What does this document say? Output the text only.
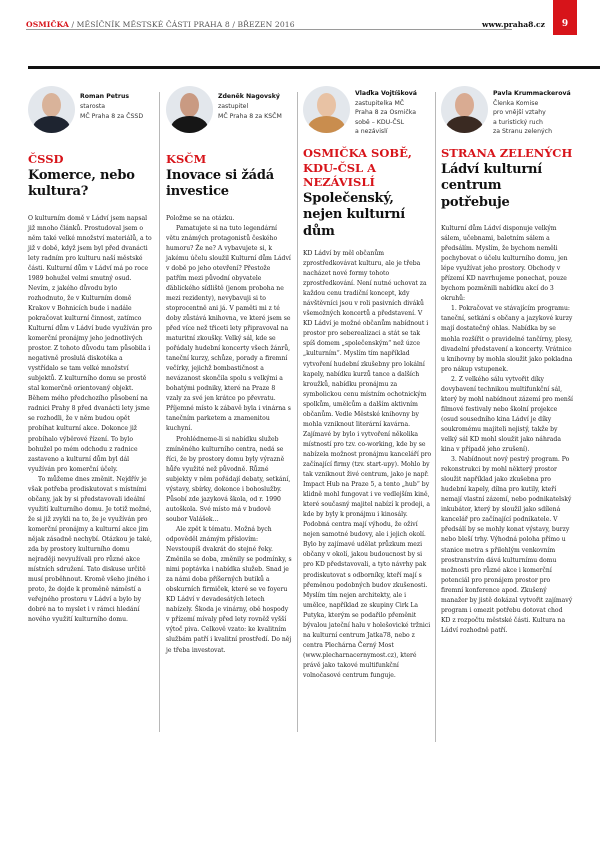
OSMIČKA / MĚSÍČNÍK MĚSTSKÉ ČÁSTI PRAHA 8 / BŘEZEN 2016	www.praha8.cz	9
Roman Petrus
starosta
MČ Praha 8 za ČSSD
ČSSD
Komerce, nebo kultura?

O kulturním domě v Ládví jsem napsal již mnoho článků. Prostudoval jsem o něm také velké množství materiálů, a to již v době, když jsem byl před dvanácti lety radním pro kulturu naší městské části. Kulturní dům v Ládví má po roce 1989 bohužel velmi smutný osud. Nevím, z jakého důvodu bylo rozhodnuto, že v Kulturním domě Krakov v Bohnicích bude i nadále pokračovat kulturní činnost, zatímco Kulturní dům v Ládví bude využíván pro komerční pronájmy jeho jednotlivých prostor. Z tohoto důvodu tam působila i negativně proslulá diskotéka a vystřídalo se tam velké množství subjektů. Z kulturního domu se prostě stal komerčně orientovaný objekt. Během mého předchozího působení na radnici Prahy 8 před dvanácti lety jsme se rozhodli, že v něm budou opět probíhat kulturní akce. Dokonce již probíhalo výběrové řízení. To bylo bohužel po mém odchodu z radnice zastaveno a kulturní dům byl dál využíván pro komerční účely.

To můžeme dnes změnit. Nejdřív je však potřeba prodiskutovat s místními občany, jak by si představovali ideální využití kulturního domu. Je totiž možné, že si již zvykli na to, že je využíván pro komerční pronájmy a kulturní akce jim nějak zásadně nechybí. Otázkou je také, zda by prostory kulturního domu nejraději nevyužívali pro různé akce místních sdružení. Tato diskuse určitě musí proběhnout. Kromě všeho jiného i proto, že dojde k proměně náměstí a veřejného prostoru v Ládví a bylo by dobré na to myslet i v rámci hledání nového využití kulturního domu.

Zdeněk Nagovský
zastupitel
MČ Praha 8 za KSČM
KSČM
Inovace si žádá investice

Položme se na otázku.

Pamatujete si na tuto legendární větu známých protagonistů českého humoru? Že ne? A vybavujete si, k jakému účelu sloužil Kulturní dům Ládví v době po jeho otevření? Přestože patřím mezi původní obyvatele ďáblického sídliště (jenom proboha ne mezi rezidenty), nevybavuji si to stoprocentně ani já. V paměti mi z té doby zůstává knihovna, ve které jsem se před více než třiceti lety připravoval na maturitní zkoušky. Velký sál, kde se pořádaly hudební koncerty všech žánrů, taneční kurzy, schůze, porady a firemní večírky, jejichž bombastičnost a nevázanost skončila spolu s velkými a bohatými podniky, které na Praze 8 vzaly za své jen krátce po převratu. Příjemné místo k zábavě byla i vinárna s tanečním parketem a znamenitou kuchyní.

Prohlédneme-li si nabídku služeb zmíněného kulturního centra, nedá se říci, že by prostory domu byly výrazně hůře využité než původně. Různé subjekty v něm pořádají debaty, setkání, výstavy, sbírky, dokonce i bohoslužby. Působí zde jazyková škola, od r. 1990 autoškola. Své místo má v budově soubor Valášek…

Ale zpět k tématu. Možná bych odpověděl známým příslovím: Nevstoupíš dvakrát do stejné řeky. Změnila se doba, změnily se podmínky, s nimi poptávka i nabídka služeb. Snad je za námi doba příšerných butiků a obskurních firmiček, které se ve foyeru KD Ládví v devadesátých letech nabízely. Škoda je vinárny, obě hospody v přízemí mívaly před lety rovněž vyšší výtoč piva. Celkově vzato: ke kvalitním službám patří i kvalitní prostředí. Do něj je třeba investovat.

Vlaďka Vojtíšková
zastupitelka MČ
Praha 8 za Osmička
sobě – KDU-ČSL
a nezávislí
OSMIČKA SOBĚ, KDU-ČSL A NEZÁVISLÍ
Společenský, nejen kulturní dům

KD Ládví by měl občanům zprostředkovávat kulturu, ale je třeba nacházet nové formy tohoto zprostředkování. Není nutné uchovat za každou cenu tradiční koncept, kdy návštěvníci jsou v roli pasivních diváků všemožných koncertů a představení. V KD Ládví je možné občanům nabídnout i prostor pro seberealizaci a stát se tak spíš domem „společenským“ než úzce „kulturním“. Myslím tím například vytvoření hudební zkušebny pro lokální kapely, nabídku kurzů tance a dalších kroužků, nabídku pronájmu za symbolickou cenu místním ochotnickým spolkům, umělcům a dalším aktivním občanům. Vedle Městské knihovny by mohla vzniknout literární kavárna. Zajímavé by bylo i vytvoření několika místností pro tzv. co-working, kde by se nabízela možnost pronájmu kanceláří pro začínající firmy (tzv. start-upy). Mohlo by tak vzniknout živé centrum, jako je např. Impact Hub na Praze 5, a tento „hub“ by klidně mohl fungovat i ve vedlejším kině, které současný majitel nabízí k prodeji, a kde by byly k pronájmu i kinosály. Podobná centra mají výhodu, že oživí nejen samotné budovy, ale i jejich okolí. Bylo by zajímavé udělat průzkum mezi občany v okolí, jakou budoucnost by si pro KD představovali, a tyto návrhy pak prodiskutovat s odborníky, kteří mají s přeměnou podobných budov zkušenosti. Myslím tím nejen architekty, ale i umělce, například ze skupiny Cirk La Putyka, kterým se podařilo přeměnit bývalou jateční halu v holešovické tržnici na kulturní centrum Jatka78, nebo z centra Plechárna Černý Most (www.plecharnacernymost.cz), které právě jako takové multifunkční volnočasové centrum funguje.

Pavla Krummackerová
Členka Komise
pro vnější vztahy
a turistický ruch
za Stranu zelených
STRANA ZELENÝCH
Ládví kulturní centrum potřebuje

Kulturní dům Ládví disponuje velkým sálem, učebnami, baletním sálem a předsálím. Myslím, že bychom neměli pochybovat o účelu kulturního domu, jen lépe využívat jeho prostory. Obchody v přízemí KD navrhujeme ponechat, pouze bychom pozměnili nabídku akcí do 3 okruhů:

1. Pokračovat ve stávajícím programu: taneční, setkání s občany a jazykové kurzy mají dostatečný ohlas. Nabídka by se mohla rozšířit o pravidelné tančírny, plesy, divadelní představení a koncerty. Vrátnice u knihovny by mohla sloužit jako pokladna pro nákup vstupenek.

2. Z velkého sálu vytvořit díky dovybavení technikou multifunkční sál, který by mohl nabídnout zázemí pro menší filmové festivaly nebo školní projekce (osud sousedního kina Ládví je díky soukromému majiteli nejistý, takže by velký sál KD mohl sloužit jako náhrada kina v případě jeho zrušení).

3. Nabídnout nový pestrý program. Po rekonstrukci by mohl některý prostor sloužit například jako zkušebna pro hudební kapely, dílna pro kutily, kteří nemají vlastní zázemí, nebo podnikatelský inkubátor, který by sloužil jako sdílená kancelář pro začínající podnikatele. V předsálí by se mohly konat výstavy, burzy nebo bleší trhy. Výhodná poloha přímo u stanice metra s přilehlým venkovním prostranstvím dává kulturnímu domu možnosti pro různé akce i komerční potenciál pro pronájem prostor pro firemní konference apod. Zkušený manažer by jistě dokázal vytvořit zajímavý program i omezit potřebu dotovat chod KD z rozpočtu městské části. Kultura na Ládví rozhodně patří.
